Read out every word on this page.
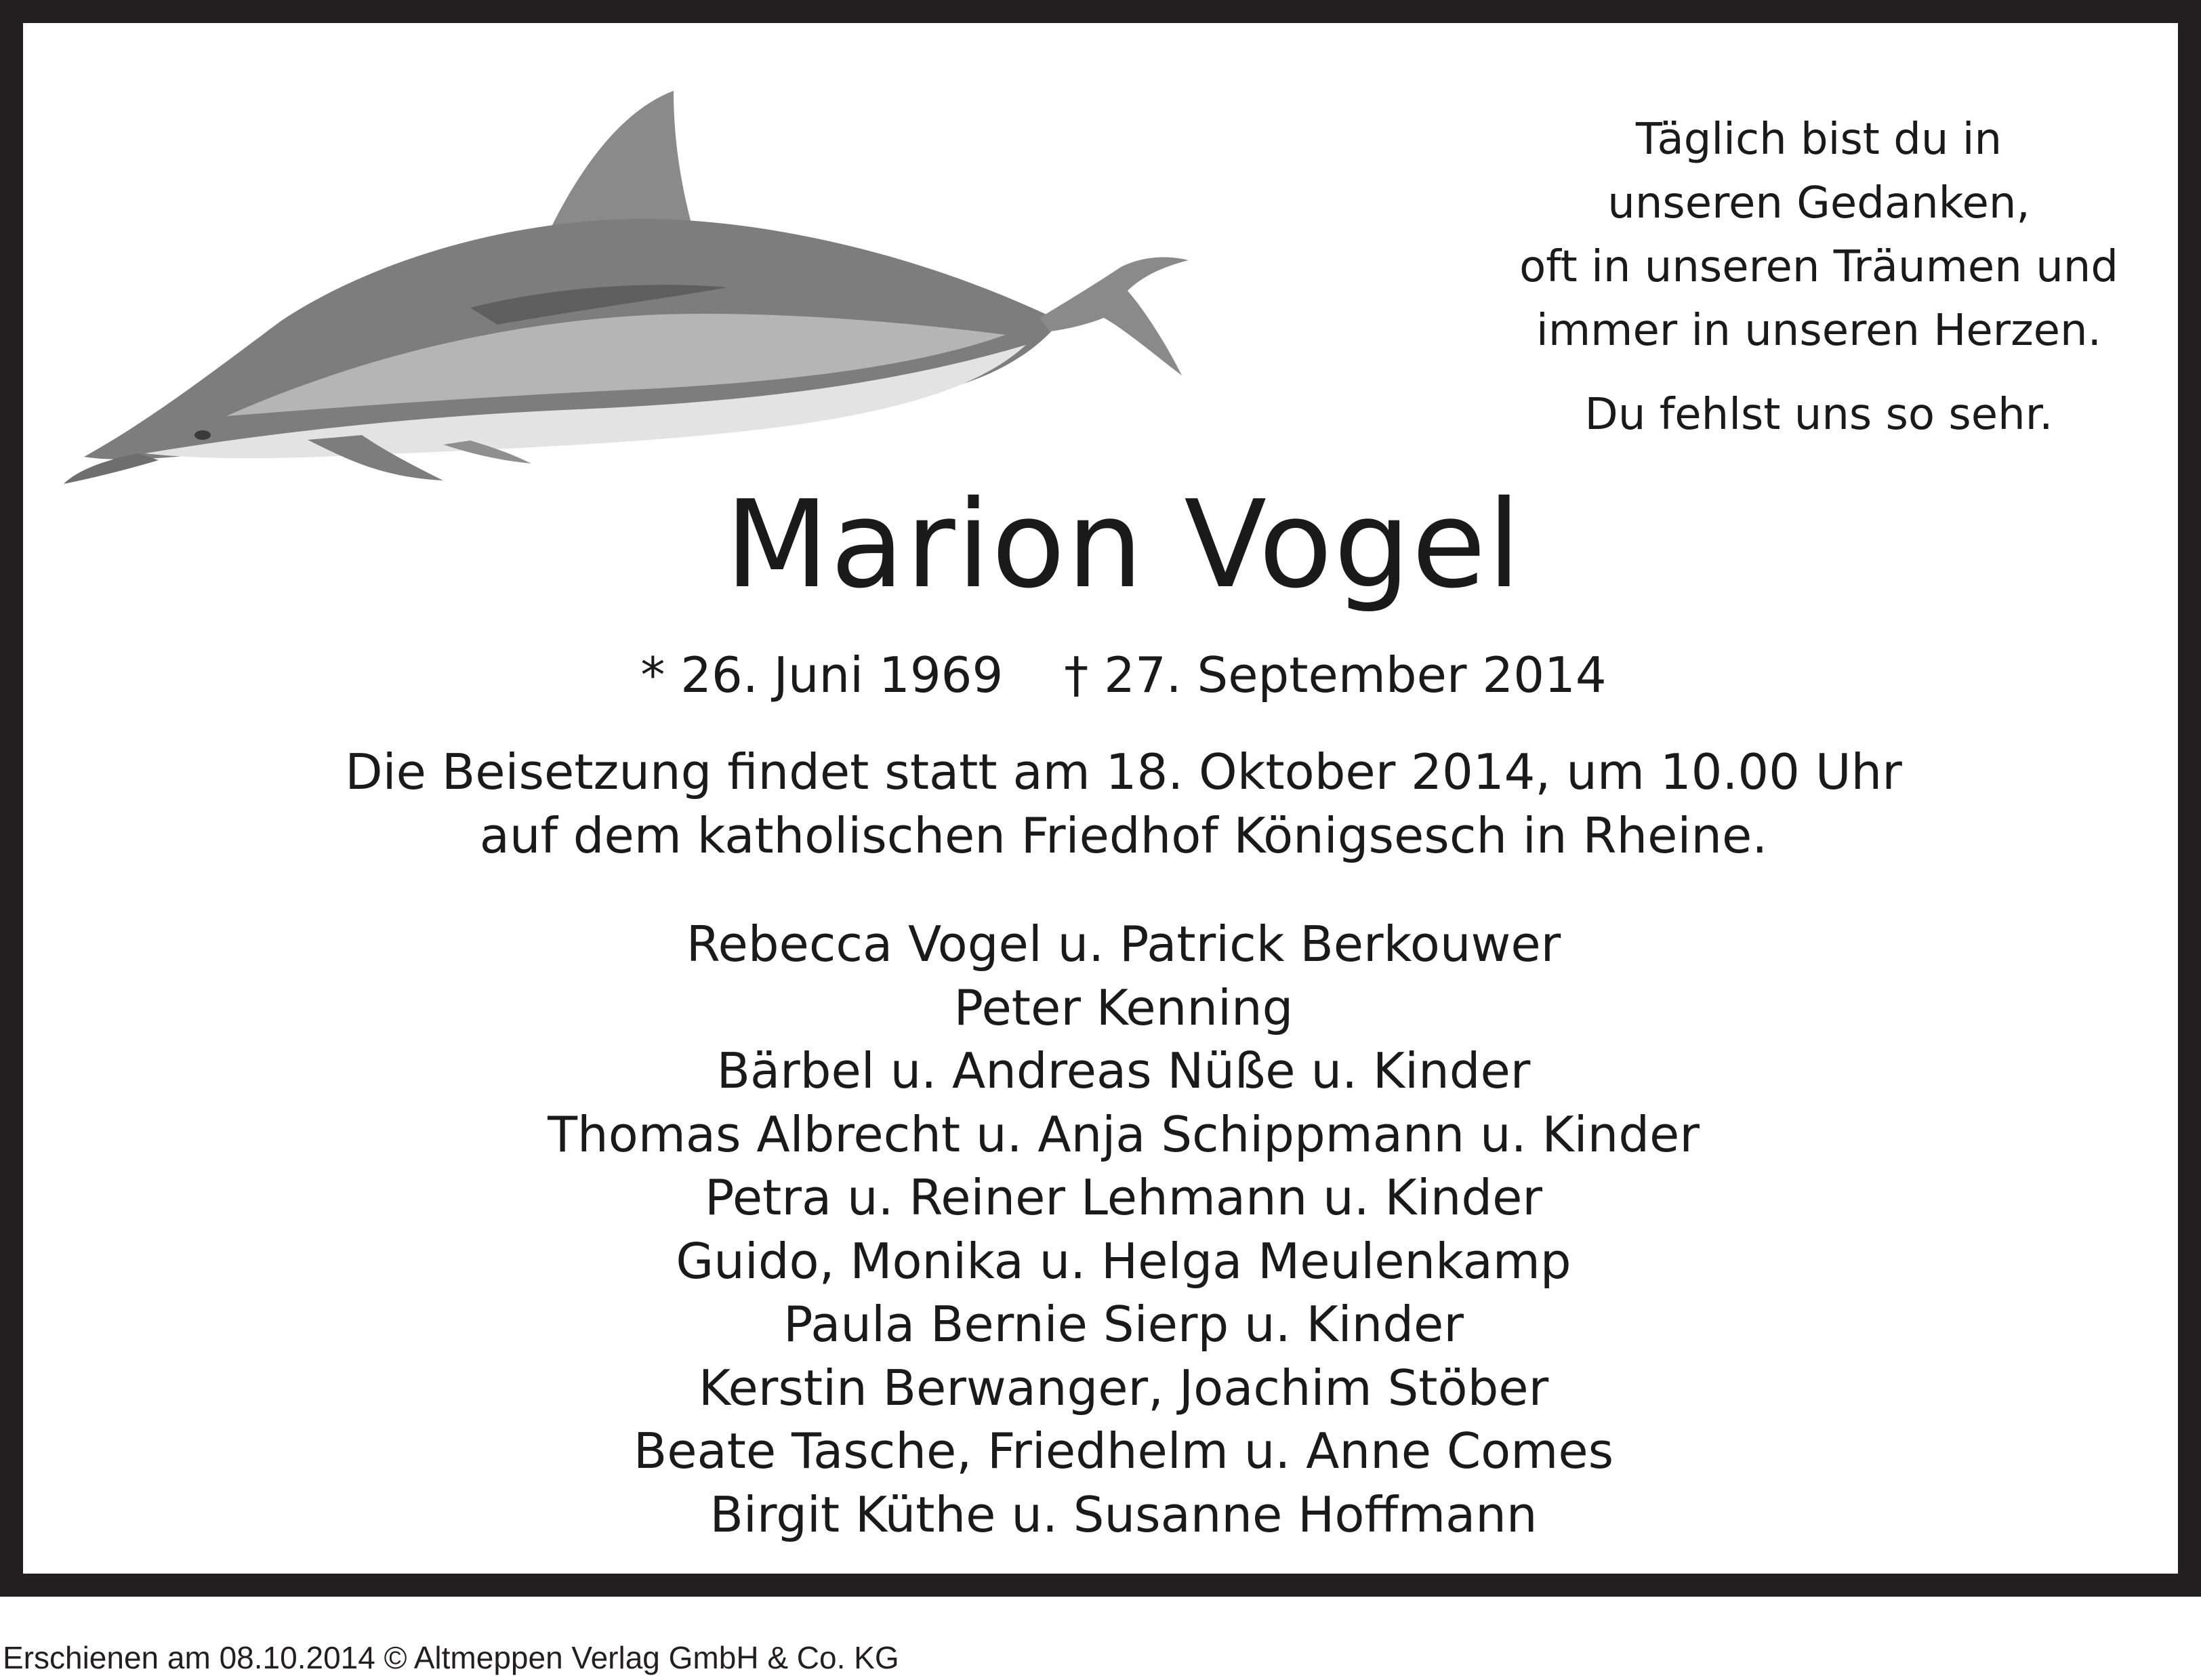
Täglich bist du in
unseren Gedanken,
oft in unseren Träumen und
immer in unseren Herzen.
Du fehlst uns so sehr.
Marion Vogel
* 26. Juni 1969 † 27. September 2014
Die Beisetzung findet statt am 18. Oktober 2014, um 10.00 Uhr
auf dem katholischen Friedhof Königsesch in Rheine.
Rebecca Vogel u. Patrick Berkouwer
Peter Kenning
Bärbel u. Andreas Nüße u. Kinder
Thomas Albrecht u. Anja Schippmann u. Kinder
Petra u. Reiner Lehmann u. Kinder
Guido, Monika u. Helga Meulenkamp
Paula Bernie Sierp u. Kinder
Kerstin Berwanger, Joachim Stöber
Beate Tasche, Friedhelm u. Anne Comes
Birgit Küthe u. Susanne Hoffmann
Erschienen am 08.10.2014 © Altmeppen Verlag GmbH & Co. KG
